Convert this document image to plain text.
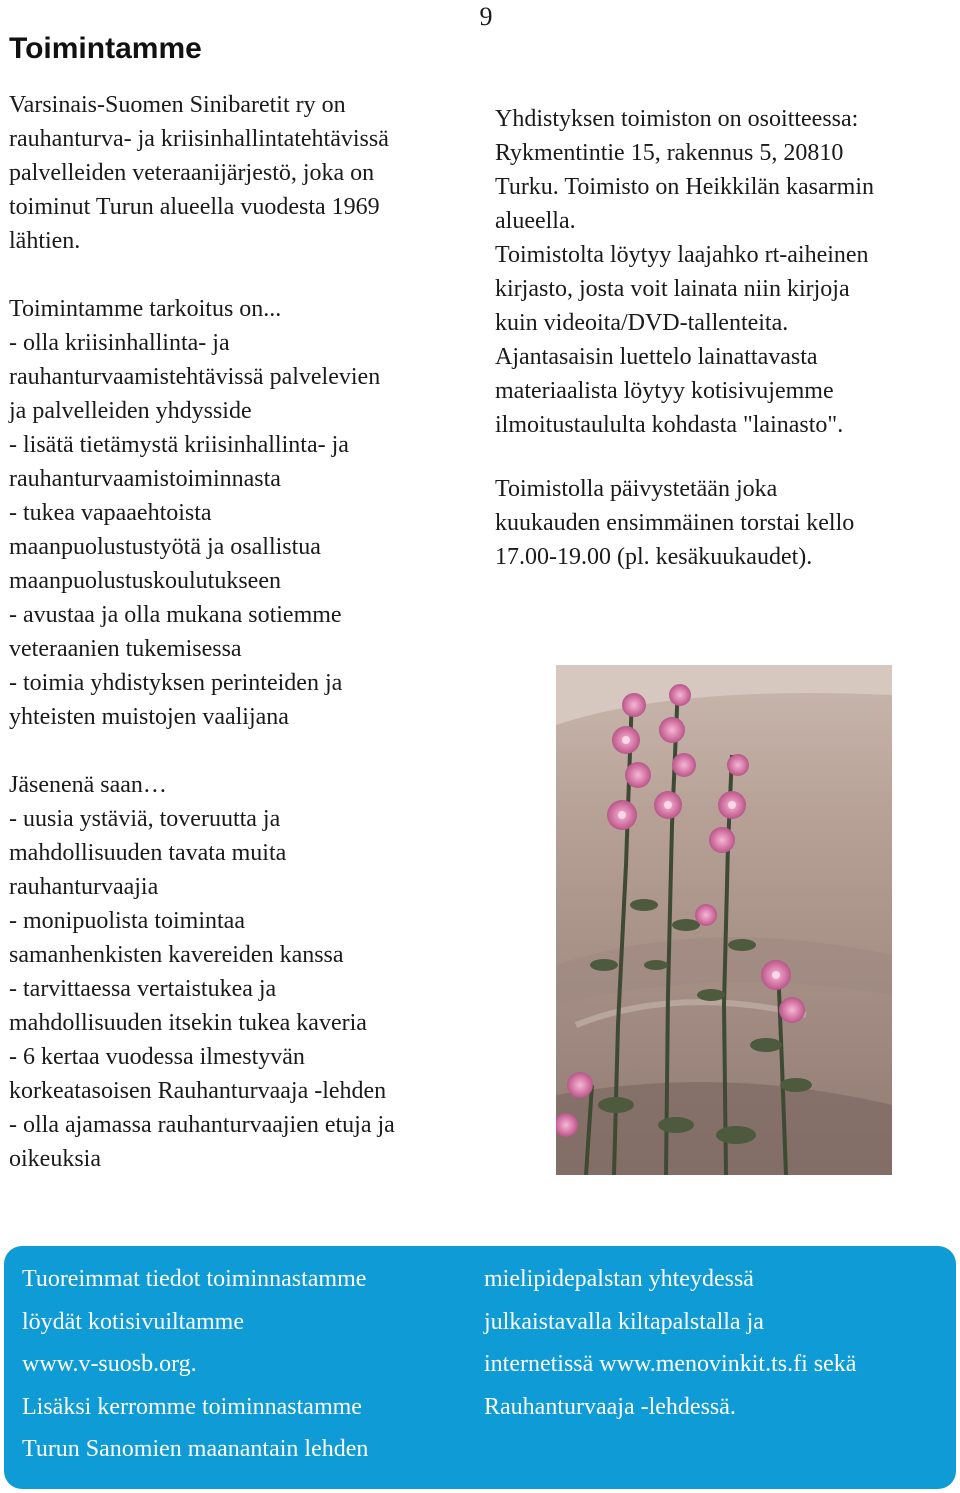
9
Toimintamme

Varsinais-Suomen Sinibaretit ry on

rauhanturva- ja kriisinhallintatehtävissä

palvelleiden veteraanijärjestö, joka on

toiminut Turun alueella vuodesta 1969

lähtien.

Toimintamme tarkoitus on...

- olla kriisinhallinta- ja

rauhanturvaamistehtävissä palvelevien

ja palvelleiden yhdysside

- lisätä tietämystä kriisinhallinta- ja

rauhanturvaamistoiminnasta

- tukea vapaaehtoista

maanpuolustustyötä ja osallistua

maanpuolustuskoulutukseen

- avustaa ja olla mukana sotiemme

veteraanien tukemisessa

- toimia yhdistyksen perinteiden ja

yhteisten muistojen vaalijana

Jäsenenä saan…

- uusia ystäviä, toveruutta ja

mahdollisuuden tavata muita

rauhanturvaajia

- monipuolista toimintaa

samanhenkisten kavereiden kanssa

- tarvittaessa vertaistukea ja

mahdollisuuden itsekin tukea kaveria

- 6 kertaa vuodessa ilmestyvän

korkeatasoisen Rauhanturvaaja -lehden

- olla ajamassa rauhanturvaajien etuja ja

oikeuksia

Yhdistyksen toimiston on osoitteessa:

Rykmentintie 15, rakennus 5, 20810

Turku. Toimisto on Heikkilän kasarmin

alueella.

Toimistolta löytyy laajahko rt-aiheinen

kirjasto, josta voit lainata niin kirjoja

kuin videoita/DVD-tallenteita.

Ajantasaisin luettelo lainattavasta

materiaalista löytyy kotisivujemme

ilmoitustaululta kohdasta "lainasto".

Toimistolla päivystetään joka

kuukauden ensimmäinen torstai kello

17.00-19.00 (pl. kesäkuukaudet).

Tuoreimmat tiedot toiminnastamme

löydät kotisivuiltamme

www.v-suosb.org.

Lisäksi kerromme toiminnastamme

Turun Sanomien maanantain lehden

mielipidepalstan yhteydessä

julkaistavalla kiltapalstalla ja

internetissä www.menovinkit.ts.fi sekä

Rauhanturvaaja -lehdessä.
